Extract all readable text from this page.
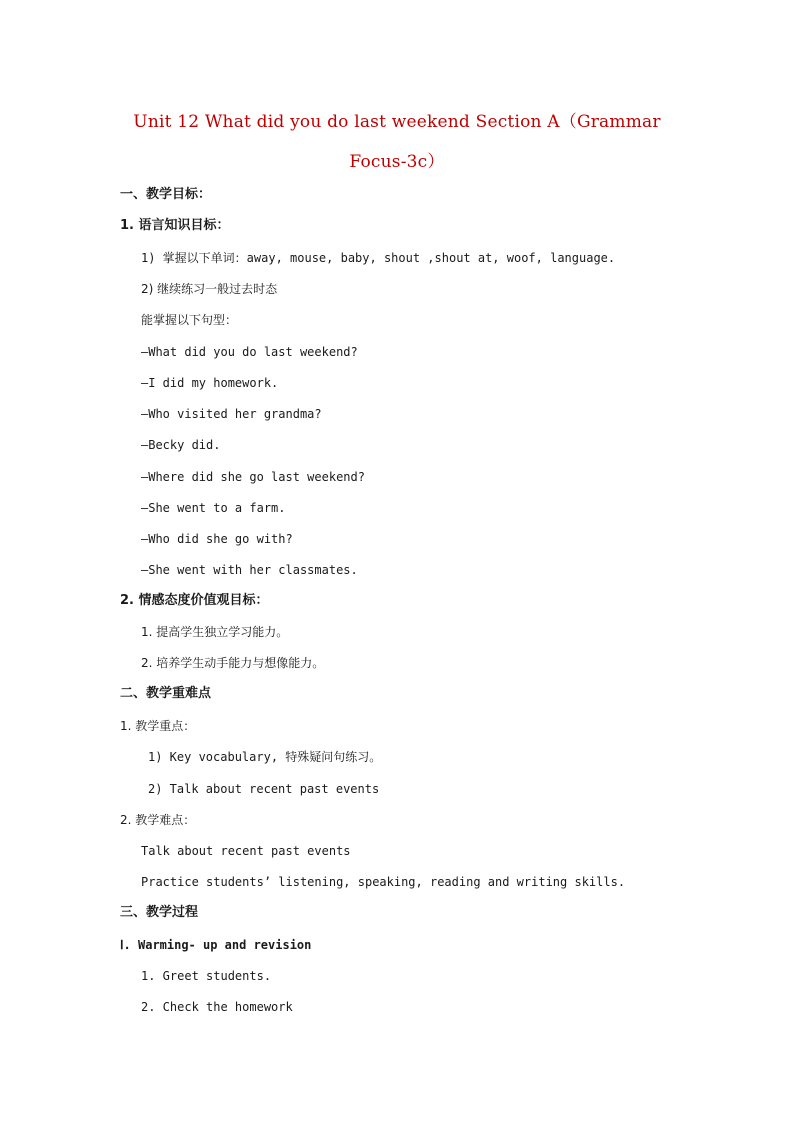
Unit 12 What did you do last weekend Section A（Grammar
Focus-3c）
一、教学目标：
1. 语言知识目标：
1) 掌握以下单词：away, mouse, baby, shout ,shout at, woof, language.
2) 继续练习一般过去时态
能掌握以下句型：
—What did you do last weekend?
—I did my homework.
—Who visited her grandma?
—Becky did.
—Where did she go last weekend?
—She went to a farm.
—Who did she go with?
—She went with her classmates.
2. 情感态度价值观目标：
1. 提高学生独立学习能力。
2. 培养学生动手能力与想像能力。
二、教学重难点
1. 教学重点：
1) Key vocabulary, 特殊疑问句练习。
2) Talk about recent past events
2. 教学难点：
Talk about recent past events
Practice students’ listening, speaking, reading and writing skills.
三、教学过程
Ⅰ. Warming- up and revision
1. Greet students.
2. Check the homework
